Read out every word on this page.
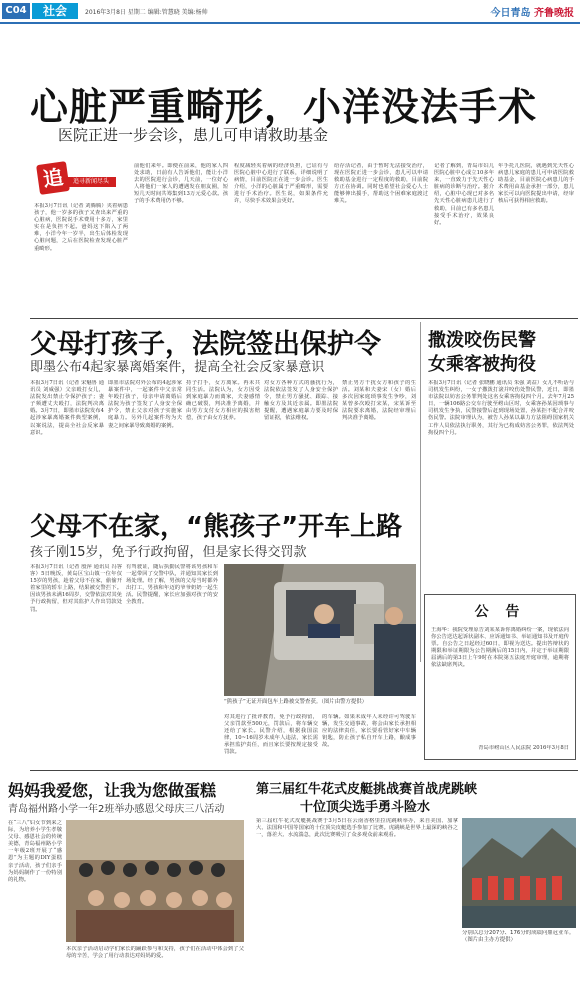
C04	社会	2016年3月8日 星期二 编辑:管慧晓 美编:杨帅	今日青岛 齐鲁晚报
心脏严重畸形，小洋没法手术
医院正进一步会诊，患儿可申请救助基金
追	追寻新闻尽头
本报3月7日讯（记者 刘腾腾）夹着病患孩子，他一岁多的孩子又查出来严重的心脏病，医院说手术费用十多万，家里实在是负担不起。爸妈这下陷入了两难，小洋今年一岁半，出生后体检发现心脏问题，之后在医院检查发现心脏严重畸形。
前他们来年。即便在前来，他的家人四处求助，日前有人告诉他们，能让小洋去的医院进行会诊，几天前，一位好心人将他们一家人的遭遇发在朋友圈，短短几天时间共筹集到13万元爱心款。孩子的手术费用仍不够。
程度减轻夹着病的经济负担，已证有与医院心脏中心进行了联系，详细说明了病情，目前医院正在进一步会诊。医生介绍，小洋的心脏属于严重畸形，需要进行手术治疗。医生说，如果条件允许，尽快手术效果会更好。
给存活记者，由于暂时无法接受治疗，现在医院正进一步会诊，患儿可以申请救助基金进行一定程度的救助，目前院方正在协调。同时也希望社会爱心人士能够伸出援手，帮助这个困难家庭渡过难关。
记者了解到，青岛市妇儿医院心脏中心成立10多年来，一直致力于先天性心脏病的诊断与治疗。据介绍，心脏中心现已对多名先天性心脏病患儿进行了救助，目前已有多名患儿接受手术治疗，效果良好。
年手托儿医院，就遇到先天性心病患儿家庭的患儿可申请医院救助基金，目前医院心病患儿的手术费用由基金承担一部分，患儿家长可以向医院提出申请，经审核后可获得相应救助。
父母打孩子，法院签出保护令
即墨公布4起家暴离婚案件，提高全社会反家暴意识
本报3月7日讯（记者 宋魅鲁 通讯员 刘威强）父亲殴打女儿，法院发出禁止令保护孩子；妻子频遭丈夫殴打，法院判决离婚。3月7日，即墨市法院发布4起涉家暴离婚案件典型案例，以案说法，提高全社会反家暴意识。
即墨市法院对外公布的4起涉家暴案件中，一起案件中父亲常年殴打孩子，母亲申请离婚后法院为孩子签发了人身安全保护令，禁止父亲对孩子实施家庭暴力。另外几起案件均为夫妻之间家暴导致离婚的案例。
持子打手，女方离家。再未共同生活。法院认为，女方因受到家庭暴力而离家，夫妻感情确已破裂，判决准予离婚，并由男方支付女方相应的损害赔偿，孩子由女方抚养。
对女方各种方式的骚扰行为，法院依法签发了人身安全保护令，禁止男方骚扰、跟踪、接触女方及其近亲属。即墨法院提醒，遭遇家庭暴力要及时保留证据，依法维权。
禁止男方干扰女方和孩子的生活。刘某和夫妻宋（女）婚后多次因家庭琐事发生争吵，刘某曾多次殴打宋某，宋某诉至法院要求离婚，法院经审理后判决准予离婚。
撒泼咬伤民警
女乘客被拘役
本报3月7日讯（记者 张晓鹏 通讯员 朱强 刘益）女儿不听话与司机发生纠纷，一女子撒泼打滚并咬伤处警民警，近日，即墨市法院以妨害公务罪判处这名女乘客拘役四个月。去年7月25日，一辆106路公交车行驶至崂山区时，女乘客孙某因琐事与司机发生争执，民警接警后赶到现场处置，孙某拒不配合并咬伤民警。法院审理认为，被告人孙某以暴力方法阻碍国家机关工作人员依法执行职务，其行为已构成妨害公务罪，依法判处拘役四个月。
父母不在家，“熊孩子”开车上路
孩子刚15岁，免予行政拘留，但是家长得交罚款
本报3月7日讯（记者 殷萍 通讯员 冯客客）5日晚饭，黄岛区宝山镇一位年仅15岁的男孩，趁着父母不在家，偷偷开着家里的轿车上路，结果被交警拦下。因该男孩未满16周岁，交警依法对其免予行政拘留，但对其监护人作出罚款处罚。
有驾驶证，随后执勤民警将该男孩和车一起带回了交警中队，并通知其家长到场处理。经了解，男孩的父母当时都外出打工，男孩和年迈的爷爷奶奶一起生活。民警提醒，家长应加强对孩子的安全教育。
“熊孩子”无证开面包车上路被交警查获。（图片由警方提供）
对其进行了批评教育，免予行政拘留，父亲罚款至500元，罚款后，将车辆交还给了家长。民警介绍，根据我国法律，10~16周岁未成年人违法，家长需承担监护责任，而且家长要按规定接受罚款。
的车辆。如果未成年人未经许可驾驶车辆，发生交通事故，将会由家长承担相应的法律责任，家长要看管好家中车辆钥匙，防止孩子私自开车上路，酿成事故。
公 告
王海华：我院受理原告刘某某诉你离婚纠纷一案，现依法向你公告送达起诉状副本、应诉通知书、举证通知书及开庭传票。自公告之日起经过60日，即视为送达。提出答辩状的期限和举证期限为公告期满后的15日内，并定于举证期限届满后的第3日上午9时在本院第五法庭开庭审理，逾期将依法缺席判决。
青岛市崂山区人民法院 2016年3月8日
妈妈我爱您，让我为您做蛋糕
青岛福州路小学一年2班举办感恩父母庆三八活动
在“三八”妇女节到来之际，为培养小学生孝敬父母、感恩社会的传统美德，青岛福州路小学一年级2班开展了“感恩”为主题的DIY蛋糕亲子活动，孩子们亲手为妈妈制作了一份特别的礼物。
本次亲子活动启动学们家长的踊跃参与和支持，孩子们在活动中体会到了父母的辛苦，学会了用行动表达对妈妈的爱。
第三届红牛花式皮艇挑战赛首战虎跳峡
十位顶尖选手勇斗险水
第三届红牛花式皮艇挑战赛于3月5日在云南香格里拉虎跳峡举办，来自美国、加拿大、法国和中国等国家的十位顶尖皮艇选手参加了比赛。虎跳峡是世界上最深的峡谷之一，落差大、水流湍急，此次比赛吸引了众多观众前来观看。
分别以总分207分、176分的成绩问鼎冠亚军。（图片由主办方提供）
